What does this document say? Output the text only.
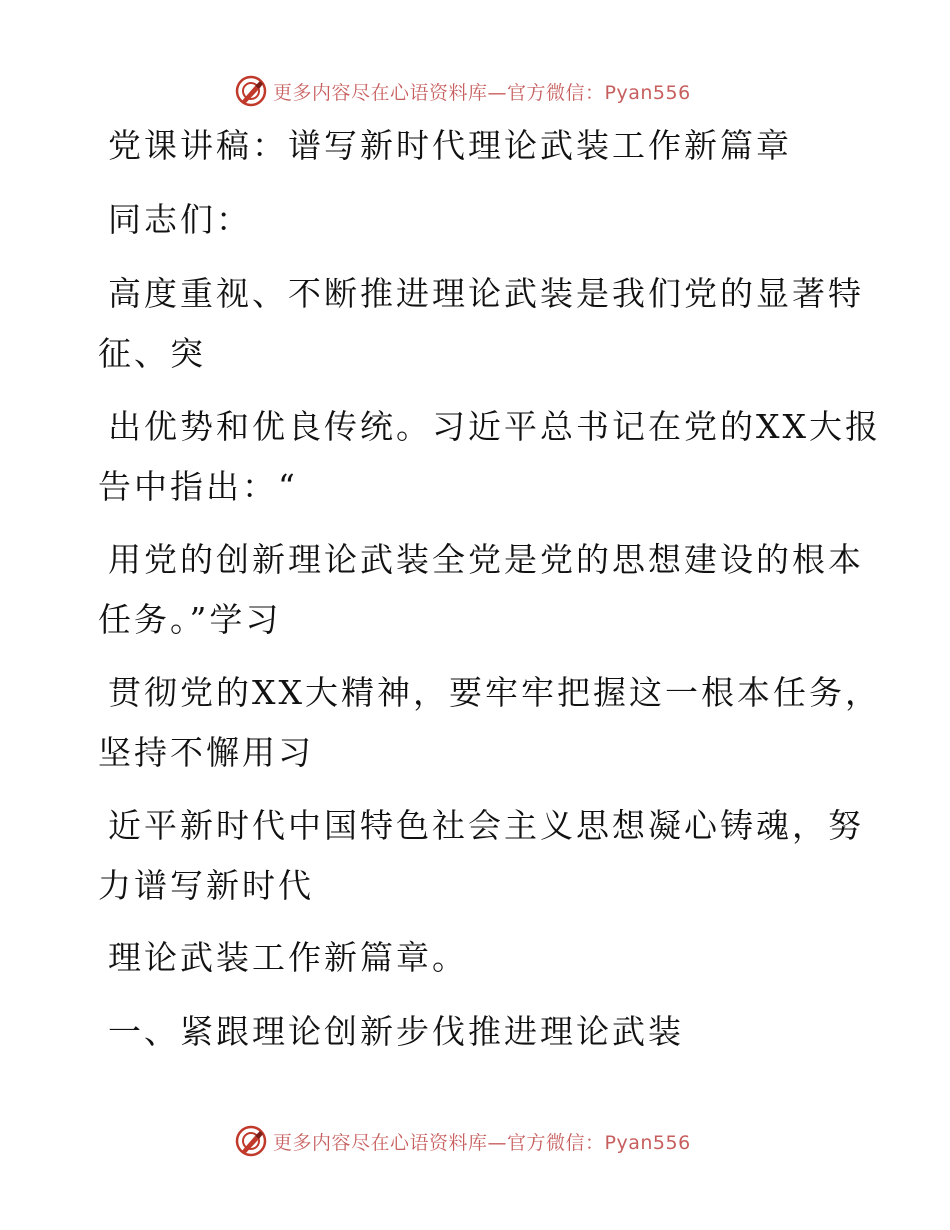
更多内容尽在心语资料库—官方微信：Pyan556
党课讲稿：谱写新时代理论武装工作新篇章

同志们：

高度重视、不断推进理论武装是我们党的显著特

征、突

出优势和优良传统。习近平总书记在党的XX大报

告中指出：“

用党的创新理论武装全党是党的思想建设的根本

任务。”学习

贯彻党的XX大精神，要牢牢把握这一根本任务，

坚持不懈用习

近平新时代中国特色社会主义思想凝心铸魂，努

力谱写新时代

理论武装工作新篇章。

一、紧跟理论创新步伐推进理论武装
更多内容尽在心语资料库—官方微信：Pyan556
